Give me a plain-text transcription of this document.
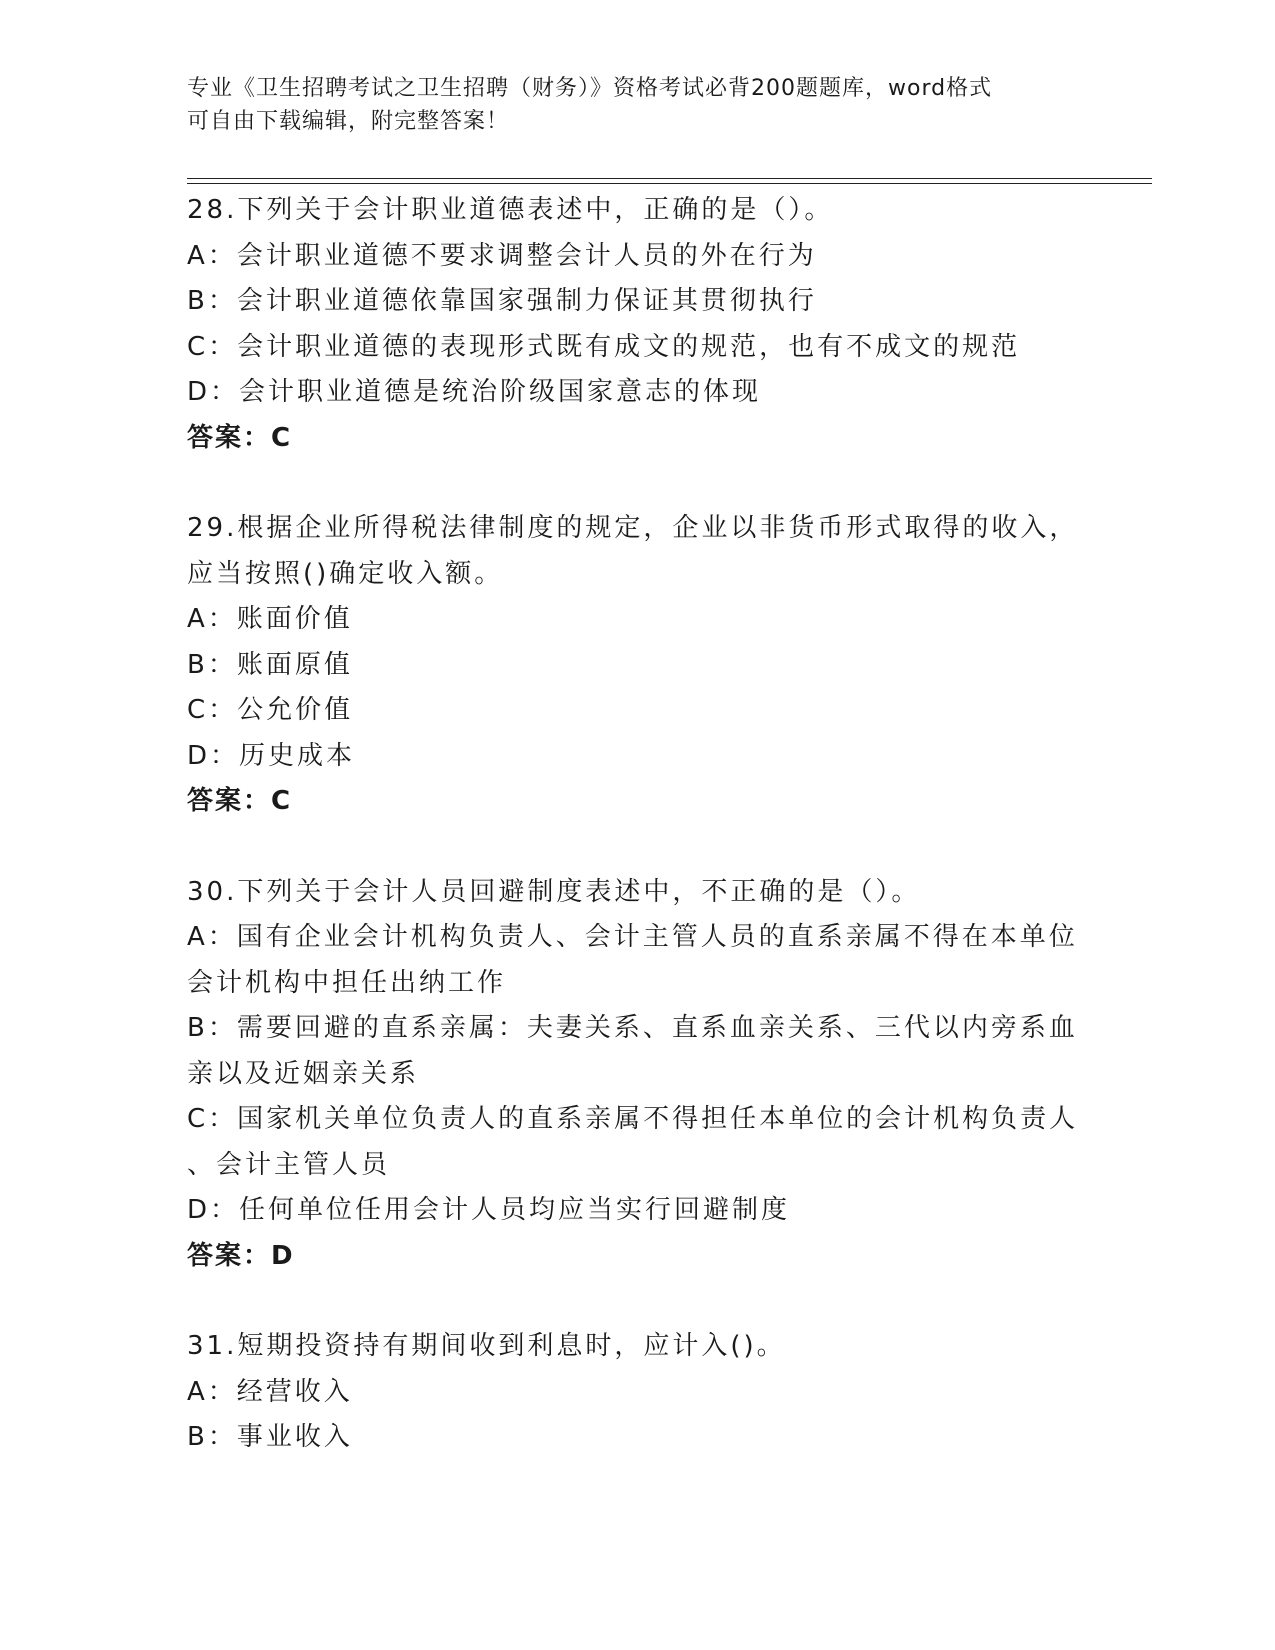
专业《卫生招聘考试之卫生招聘（财务）》资格考试必背200题题库，word格式

可自由下载编辑，附完整答案！

28.下列关于会计职业道德表述中，正确的是（）。

A：会计职业道德不要求调整会计人员的外在行为

B：会计职业道德依靠国家强制力保证其贯彻执行

C：会计职业道德的表现形式既有成文的规范，也有不成文的规范

D：会计职业道德是统治阶级国家意志的体现

答案：C

29.根据企业所得税法律制度的规定，企业以非货币形式取得的收入，

应当按照()确定收入额。

A：账面价值

B：账面原值

C：公允价值

D：历史成本

答案：C

30.下列关于会计人员回避制度表述中，不正确的是（）。

A：国有企业会计机构负责人、会计主管人员的直系亲属不得在本单位

会计机构中担任出纳工作

B：需要回避的直系亲属：夫妻关系、直系血亲关系、三代以内旁系血

亲以及近姻亲关系

C：国家机关单位负责人的直系亲属不得担任本单位的会计机构负责人

、会计主管人员

D：任何单位任用会计人员均应当实行回避制度

答案：D

31.短期投资持有期间收到利息时，应计入()。

A：经营收入

B：事业收入
